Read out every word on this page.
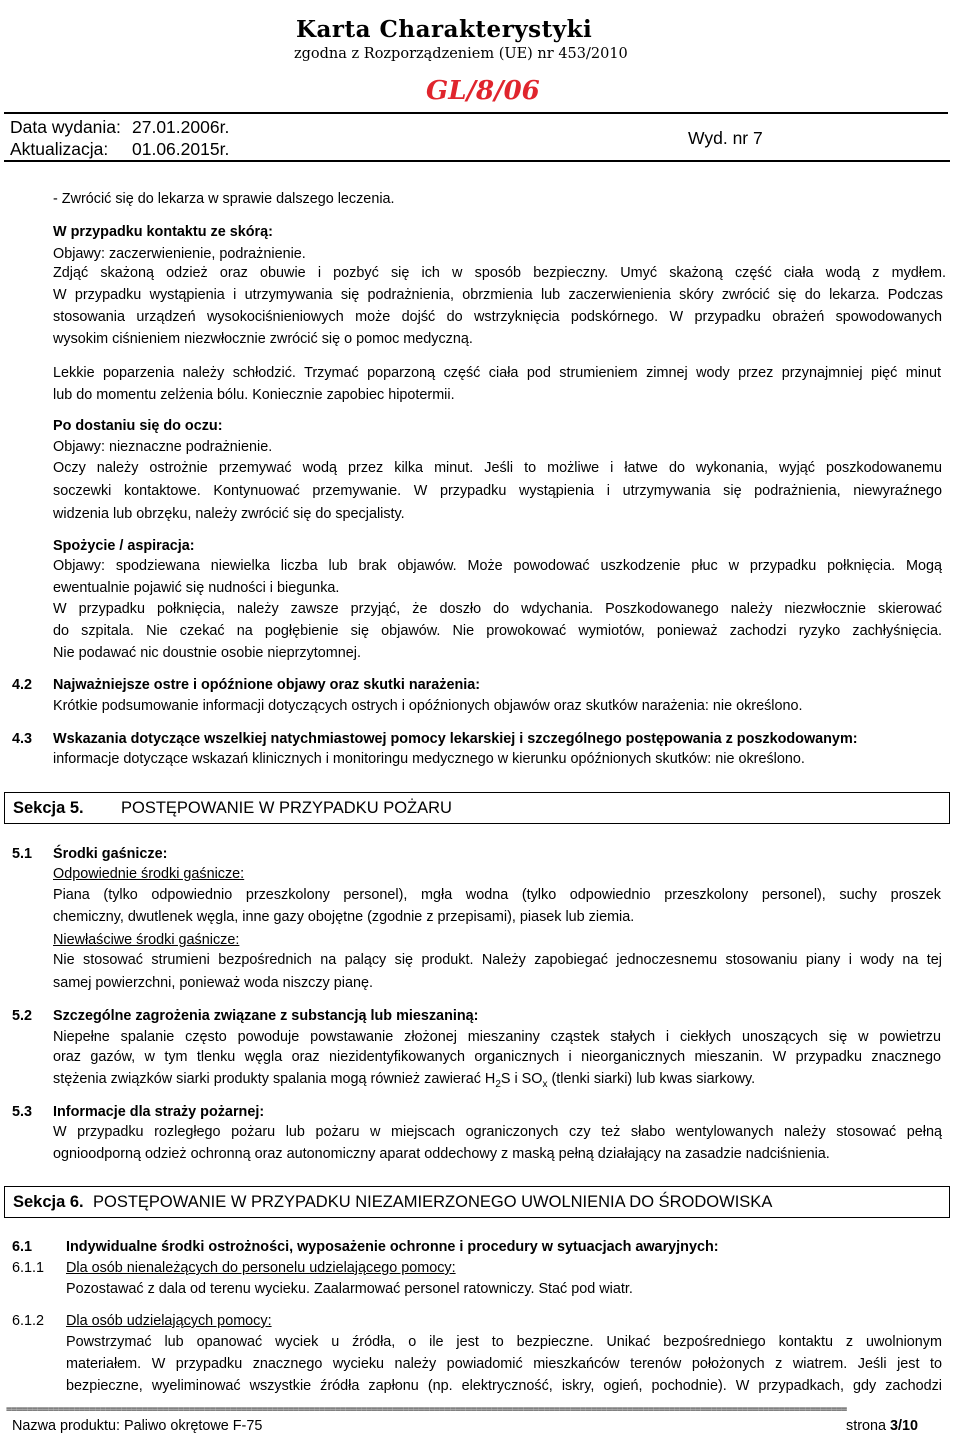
Karta Charakterystyki
zgodna z Rozporządzeniem (UE) nr 453/2010
GL/8/06
Data wydania: 27.01.2006r.
Aktualizacja: 01.06.2015r.
Wyd. nr 7
- Zwrócić się do lekarza w sprawie dalszego leczenia.
W przypadku kontaktu ze skórą:
Objawy: zaczerwienienie, podrażnienie.
Zdjąć skażoną odzież oraz obuwie i pozbyć się ich w sposób bezpieczny. Umyć skażoną część ciała wodą z mydłem.
W przypadku wystąpienia i utrzymywania się podrażnienia, obrzmienia lub zaczerwienienia skóry zwrócić się do lekarza. Podczas
stosowania urządzeń wysokociśnieniowych może dojść do wstrzyknięcia podskórnego. W przypadku obrażeń spowodowanych
wysokim ciśnieniem niezwłocznie zwrócić się o pomoc medyczną.
Lekkie poparzenia należy schłodzić. Trzymać poparzoną część ciała pod strumieniem zimnej wody przez przynajmniej pięć minut
lub do momentu zelżenia bólu. Koniecznie zapobiec hipotermii.
Po dostaniu się do oczu:
Objawy: nieznaczne podrażnienie.
Oczy należy ostrożnie przemywać wodą przez kilka minut. Jeśli to możliwe i łatwe do wykonania, wyjąć poszkodowanemu
soczewki kontaktowe. Kontynuować przemywanie. W przypadku wystąpienia i utrzymywania się podrażnienia, niewyraźnego
widzenia lub obrzęku, należy zwrócić się do specjalisty.
Spożycie / aspiracja:
Objawy: spodziewana niewielka liczba lub brak objawów. Może powodować uszkodzenie płuc w przypadku połknięcia. Mogą
ewentualnie pojawić się nudności i biegunka.
W przypadku połknięcia, należy zawsze przyjąć, że doszło do wdychania. Poszkodowanego należy niezwłocznie skierować
do szpitala. Nie czekać na pogłębienie się objawów. Nie prowokować wymiotów, ponieważ zachodzi ryzyko zachłyśnięcia.
Nie podawać nic doustnie osobie nieprzytomnej.
4.2 Najważniejsze ostre i opóźnione objawy oraz skutki narażenia:
Krótkie podsumowanie informacji dotyczących ostrych i opóźnionych objawów oraz skutków narażenia: nie określono.
4.3 Wskazania dotyczące wszelkiej natychmiastowej pomocy lekarskiej i szczególnego postępowania z poszkodowanym:
informacje dotyczące wskazań klinicznych i monitoringu medycznego w kierunku opóźnionych skutków: nie określono.
Sekcja 5. POSTĘPOWANIE W PRZYPADKU POŻARU
5.1 Środki gaśnicze:
Odpowiednie środki gaśnicze:
Piana (tylko odpowiednio przeszkolony personel), mgła wodna (tylko odpowiednio przeszkolony personel), suchy proszek
chemiczny, dwutlenek węgla, inne gazy obojętne (zgodnie z przepisami), piasek lub ziemia.
Niewłaściwe środki gaśnicze:
Nie stosować strumieni bezpośrednich na palący się produkt. Należy zapobiegać jednoczesnemu stosowaniu piany i wody na tej
samej powierzchni, ponieważ woda niszczy pianę.
5.2 Szczególne zagrożenia związane z substancją lub mieszaniną:
Niepełne spalanie często powoduje powstawanie złożonej mieszaniny cząstek stałych i ciekłych unoszących się w powietrzu
oraz gazów, w tym tlenku węgla oraz niezidentyfikowanych organicznych i nieorganicznych mieszanin. W przypadku znacznego
stężenia związków siarki produkty spalania mogą również zawierać $H_2S$ i $SO_x$ (tlenki siarki) lub kwas siarkowy.
5.3 Informacje dla straży pożarnej:
W przypadku rozległego pożaru lub pożaru w miejscach ograniczonych czy też słabo wentylowanych należy stosować pełną
ognioodporną odzież ochronną oraz autonomiczny aparat oddechowy z maską pełną działający na zasadzie nadciśnienia.
Sekcja 6. POSTĘPOWANIE W PRZYPADKU NIEZAMIERZONEGO UWOLNIENIA DO ŚRODOWISKA
6.1 Indywidualne środki ostrożności, wyposażenie ochronne i procedury w sytuacjach awaryjnych:
6.1.1 Dla osób nienależących do personelu udzielającego pomocy:
Pozostawać z dala od terenu wycieku. Zaalarmować personel ratowniczy. Stać pod wiatr.
6.1.2 Dla osób udzielających pomocy:
Powstrzymać lub opanować wyciek u źródła, o ile jest to bezpieczne. Unikać bezpośredniego kontaktu z uwolnionym
materiałem. W przypadku znacznego wycieku należy powiadomić mieszkańców terenów położonych z wiatrem. Jeśli jest to
bezpieczne, wyeliminować wszystkie źródła zapłonu (np. elektryczność, iskry, ogień, pochodnie). W przypadkach, gdy zachodzi
=================================================================================================================================================================
Nazwa produktu: Paliwo okrętowe F-75	strona 3/10
